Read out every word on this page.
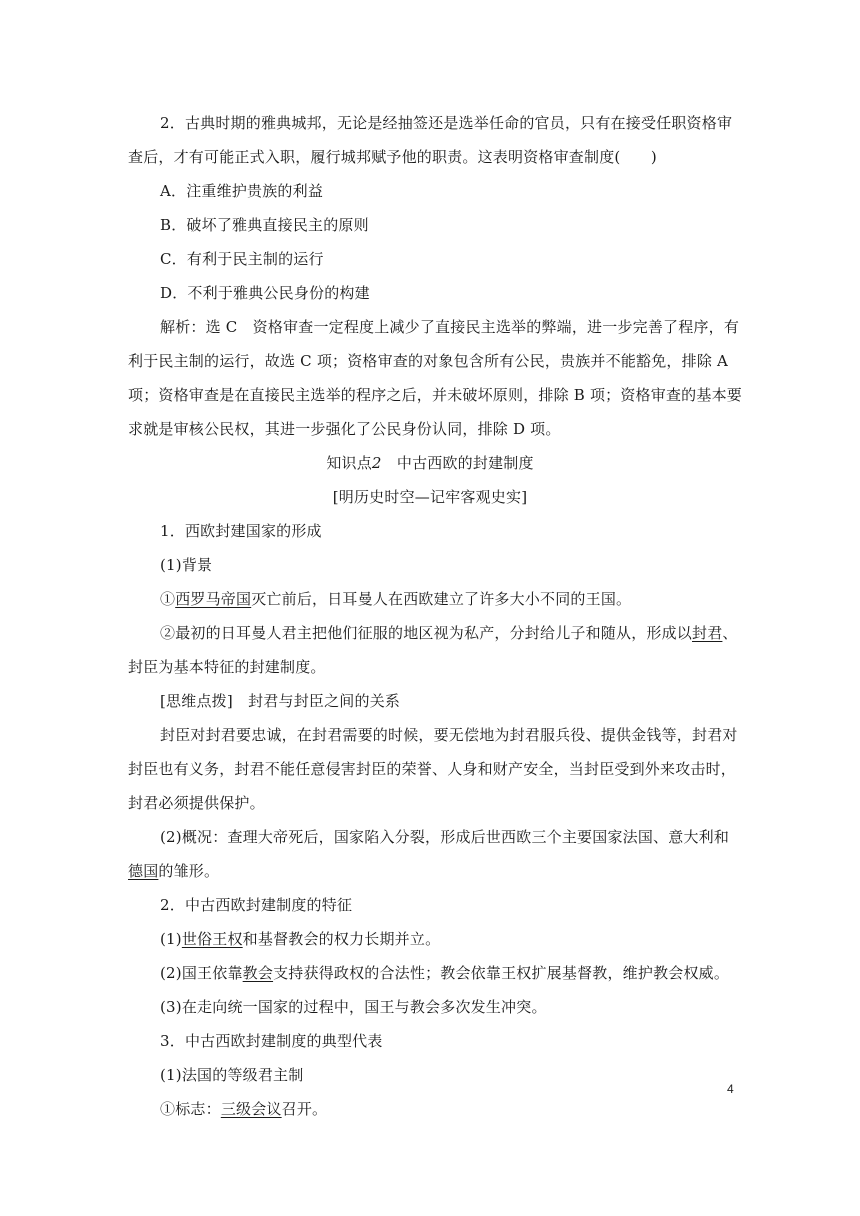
2．古典时期的雅典城邦，无论是经抽签还是选举任命的官员，只有在接受任职资格审
查后，才有可能正式入职，履行城邦赋予他的职责。这表明资格审查制度(　　)
A．注重维护贵族的利益
B．破坏了雅典直接民主的原则
C．有利于民主制的运行
D．不利于雅典公民身份的构建
解析：选 C　资格审查一定程度上减少了直接民主选举的弊端，进一步完善了程序，有
利于民主制的运行，故选 C 项；资格审查的对象包含所有公民，贵族并不能豁免，排除 A
项；资格审查是在直接民主选举的程序之后，并未破坏原则，排除 B 项；资格审查的基本要
求就是审核公民权，其进一步强化了公民身份认同，排除 D 项。
知识点2　中古西欧的封建制度
[明历史时空—记牢客观史实]
1．西欧封建国家的形成
(1)背景
①西罗马帝国灭亡前后，日耳曼人在西欧建立了许多大小不同的王国。
②最初的日耳曼人君主把他们征服的地区视为私产，分封给儿子和随从，形成以封君、
封臣为基本特征的封建制度。
[思维点拨]　封君与封臣之间的关系
封臣对封君要忠诚，在封君需要的时候，要无偿地为封君服兵役、提供金钱等，封君对
封臣也有义务，封君不能任意侵害封臣的荣誉、人身和财产安全，当封臣受到外来攻击时，
封君必须提供保护。
(2)概况：查理大帝死后，国家陷入分裂，形成后世西欧三个主要国家法国、意大利和
德国的雏形。
2．中古西欧封建制度的特征
(1)世俗王权和基督教会的权力长期并立。
(2)国王依靠教会支持获得政权的合法性；教会依靠王权扩展基督教，维护教会权威。
(3)在走向统一国家的过程中，国王与教会多次发生冲突。
3．中古西欧封建制度的典型代表
(1)法国的等级君主制
①标志：三级会议召开。
4
